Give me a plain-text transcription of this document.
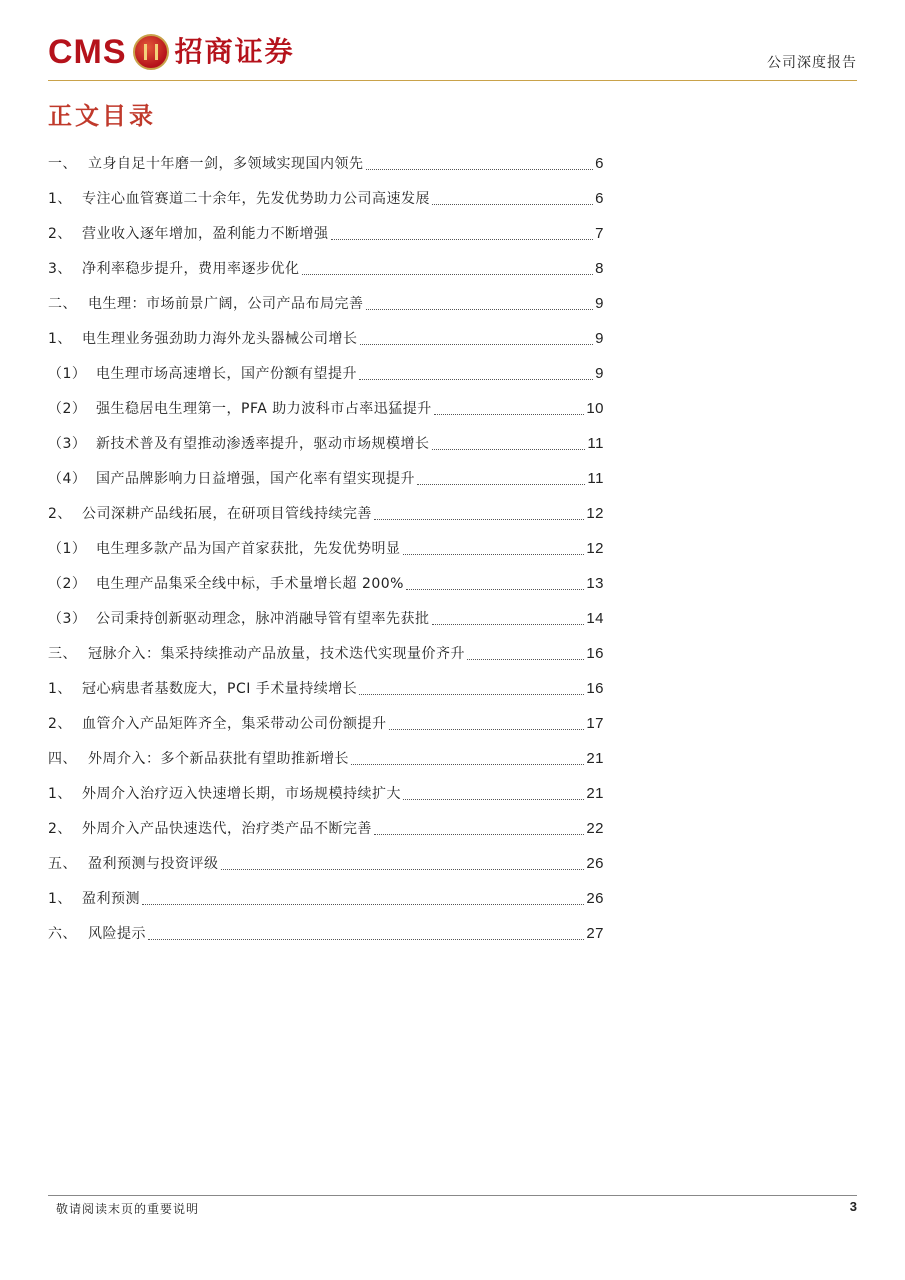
CMS 招商证券	公司深度报告
正文目录
一、 立身自足十年磨一剑，多领域实现国内领先	6
1、 专注心血管赛道二十余年，先发优势助力公司高速发展	6
2、 营业收入逐年增加，盈利能力不断增强	7
3、 净利率稳步提升，费用率逐步优化	8
二、 电生理：市场前景广阔，公司产品布局完善	9
1、 电生理业务强劲助力海外龙头器械公司增长	9
（1） 电生理市场高速增长，国产份额有望提升	9
（2） 强生稳居电生理第一，PFA 助力波科市占率迅猛提升	10
（3） 新技术普及有望推动渗透率提升，驱动市场规模增长	11
（4） 国产品牌影响力日益增强，国产化率有望实现提升	11
2、 公司深耕产品线拓展，在研项目管线持续完善	12
（1） 电生理多款产品为国产首家获批，先发优势明显	12
（2） 电生理产品集采全线中标，手术量增长超 200%	13
（3） 公司秉持创新驱动理念，脉冲消融导管有望率先获批	14
三、 冠脉介入：集采持续推动产品放量，技术迭代实现量价齐升	16
1、 冠心病患者基数庞大，PCI 手术量持续增长	16
2、 血管介入产品矩阵齐全，集采带动公司份额提升	17
四、 外周介入：多个新品获批有望助推新增长	21
1、 外周介入治疗迈入快速增长期，市场规模持续扩大	21
2、 外周介入产品快速迭代，治疗类产品不断完善	22
五、 盈利预测与投资评级	26
1、 盈利预测	26
六、 风险提示	27
敬请阅读末页的重要说明	3
